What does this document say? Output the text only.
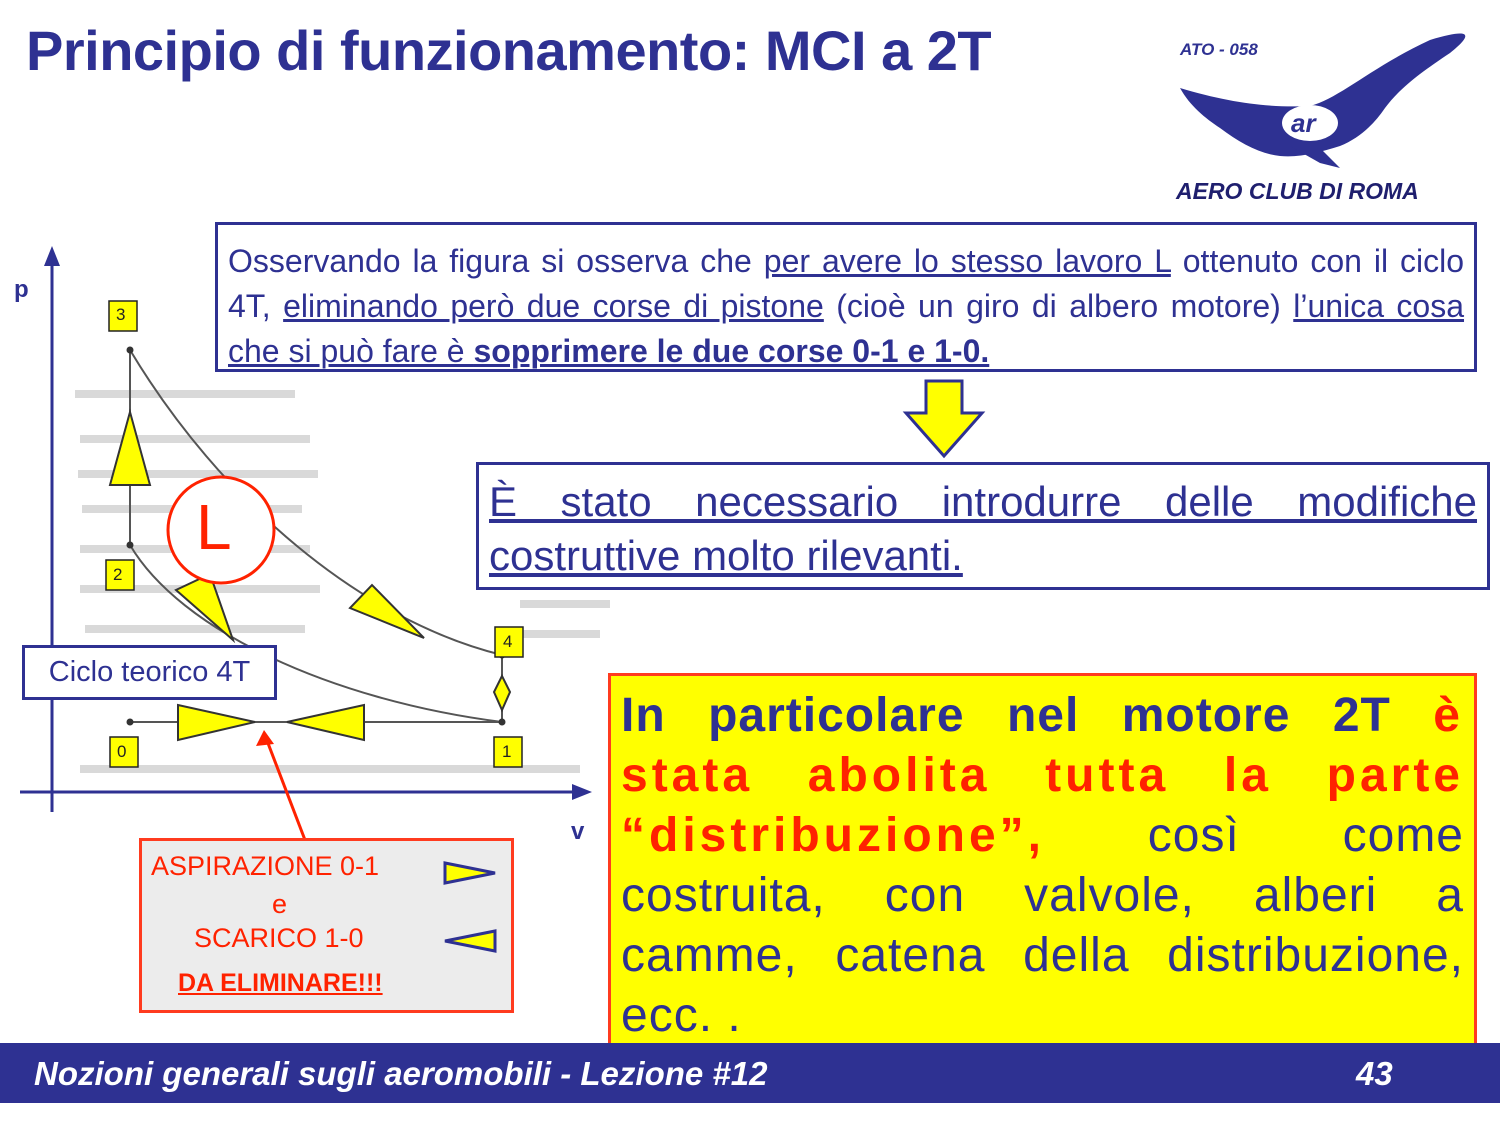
Principio di funzionamento: MCI a 2T
ar
ATO - 058
AERO CLUB DI ROMA
p
v
3
2
0	1
4
L
Ciclo teorico 4T
ASPIRAZIONE 0-1
e
SCARICO 1-0
DA ELIMINARE!!!
Osservando la figura si osserva che per avere lo stesso lavoro L ottenuto con il ciclo 4T, eliminando però due corse di pistone (cioè un giro di albero motore) l’unica cosa che si può fare è sopprimere le due corse 0-1 e 1-0.
È stato necessario introdurre delle modifiche costruttive molto rilevanti.
In particolare nel motore 2T è stata abolita tutta la parte “distribuzione”, così come costruita, con valvole, alberi a camme, catena della distribuzione, ecc. .
Nozioni generali sugli aeromobili - Lezione #12	43
